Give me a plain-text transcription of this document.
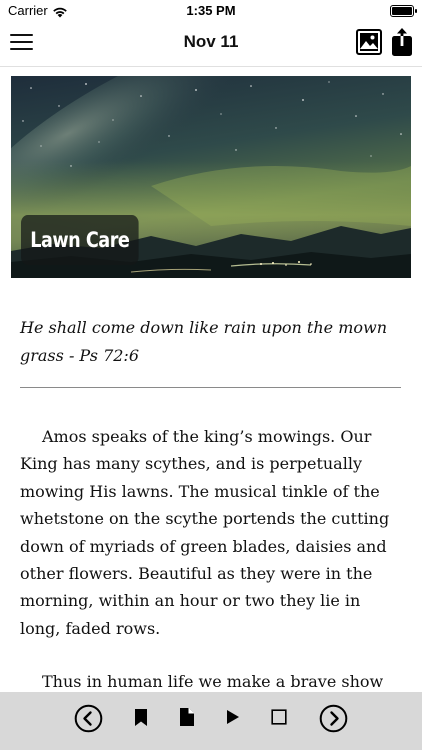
Carrier	1:35 PM
Nov 11
Lawn Care
He shall come down like rain upon the mown grass - Ps 72:6

Amos speaks of the king’s mowings. Our King has many scythes, and is perpetually mowing His lawns. The musical tinkle of the whetstone on the scythe portends the cutting down of myriads of green blades, daisies and other flowers. Beautiful as they were in the morning, within an hour or two they lie in long, faded rows.

Thus in human life we make a brave show
